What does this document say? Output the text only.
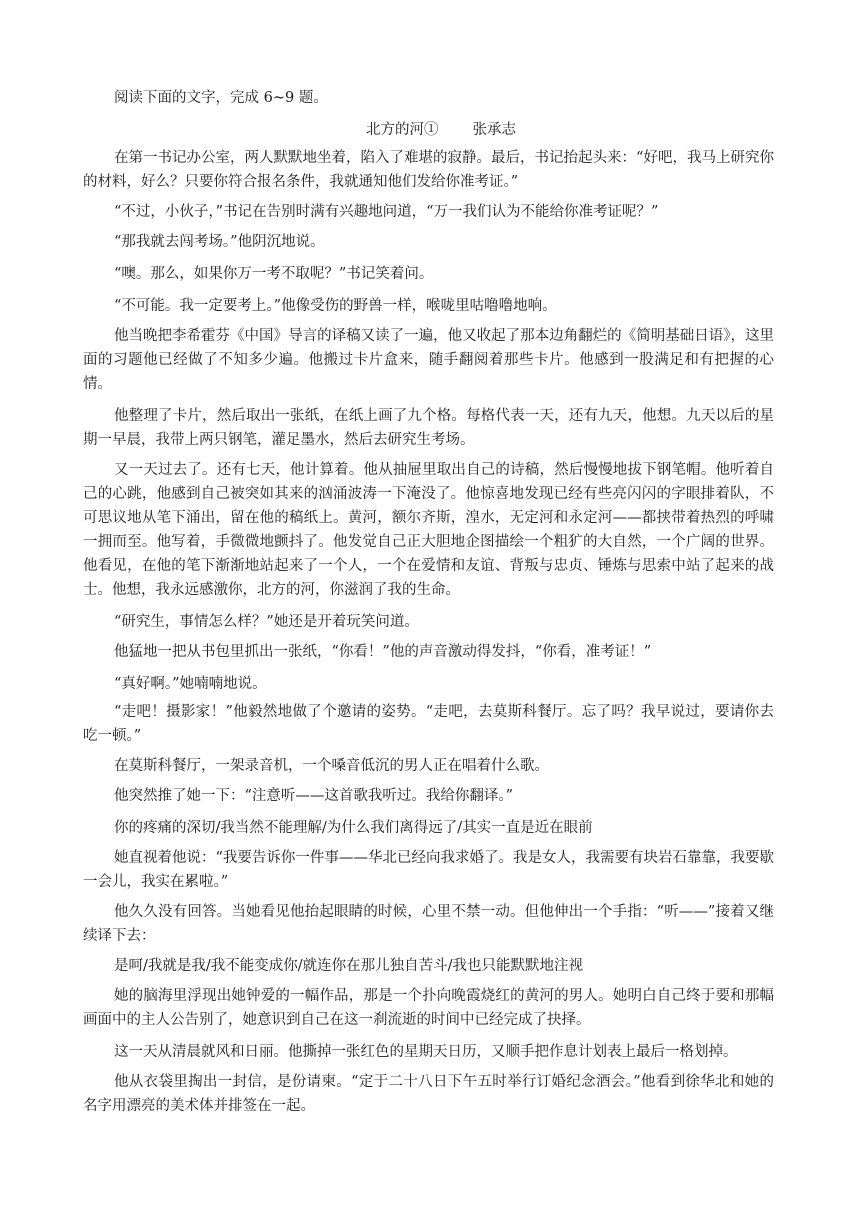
阅读下面的文字，完成 6~9 题。
北方的河① 张承志
在第一书记办公室，两人默默地坐着，陷入了难堪的寂静。最后，书记抬起头来：“好吧，我马上研究你的材料，好么？只要你符合报名条件，我就通知他们发给你准考证。”
“不过，小伙子，”书记在告别时满有兴趣地问道，“万一我们认为不能给你准考证呢？”
“那我就去闯考场。”他阴沉地说。
“噢。那么，如果你万一考不取呢？”书记笑着问。
“不可能。我一定要考上。”他像受伤的野兽一样，喉咙里咕噜噜地响。
他当晚把李希霍芬《中国》导言的译稿又读了一遍，他又收起了那本边角翻烂的《简明基础日语》，这里面的习题他已经做了不知多少遍。他搬过卡片盒来，随手翻阅着那些卡片。他感到一股满足和有把握的心情。
他整理了卡片，然后取出一张纸，在纸上画了九个格。每格代表一天，还有九天，他想。九天以后的星期一早晨，我带上两只钢笔，灌足墨水，然后去研究生考场。
又一天过去了。还有七天，他计算着。他从抽屉里取出自己的诗稿，然后慢慢地拔下钢笔帽。他听着自己的心跳，他感到自己被突如其来的汹涌波涛一下淹没了。他惊喜地发现已经有些亮闪闪的字眼排着队，不可思议地从笔下涌出，留在他的稿纸上。黄河，额尔齐斯，湟水，无定河和永定河——都挟带着热烈的呼啸一拥而至。他写着，手微微地颤抖了。他发觉自己正大胆地企图描绘一个粗犷的大自然，一个广阔的世界。他看见，在他的笔下渐渐地站起来了一个人，一个在爱情和友谊、背叛与忠贞、锤炼与思索中站了起来的战士。他想，我永远感激你，北方的河，你滋润了我的生命。
“研究生，事情怎么样？”她还是开着玩笑问道。
他猛地一把从书包里抓出一张纸，“你看！”他的声音激动得发抖，“你看，准考证！”
“真好啊。”她喃喃地说。
“走吧！摄影家！”他毅然地做了个邀请的姿势。“走吧，去莫斯科餐厅。忘了吗？我早说过，要请你去吃一顿。”
在莫斯科餐厅，一架录音机，一个嗓音低沉的男人正在唱着什么歌。
他突然推了她一下：“注意听——这首歌我听过。我给你翻译。”
你的疼痛的深切/我当然不能理解/为什么我们离得远了/其实一直是近在眼前
她直视着他说：“我要告诉你一件事——华北已经向我求婚了。我是女人，我需要有块岩石靠靠，我要歇一会儿，我实在累啦。”
他久久没有回答。当她看见他抬起眼睛的时候，心里不禁一动。但他伸出一个手指：“听——”接着又继续译下去：
是呵/我就是我/我不能变成你/就连你在那儿独自苦斗/我也只能默默地注视
她的脑海里浮现出她钟爱的一幅作品，那是一个扑向晚霞烧红的黄河的男人。她明白自己终于要和那幅画面中的主人公告别了，她意识到自己在这一刹流逝的时间中已经完成了抉择。
这一天从清晨就风和日丽。他撕掉一张红色的星期天日历，又顺手把作息计划表上最后一格划掉。
他从衣袋里掏出一封信，是份请柬。“定于二十八日下午五时举行订婚纪念酒会。”他看到徐华北和她的名字用漂亮的美术体并排签在一起。
